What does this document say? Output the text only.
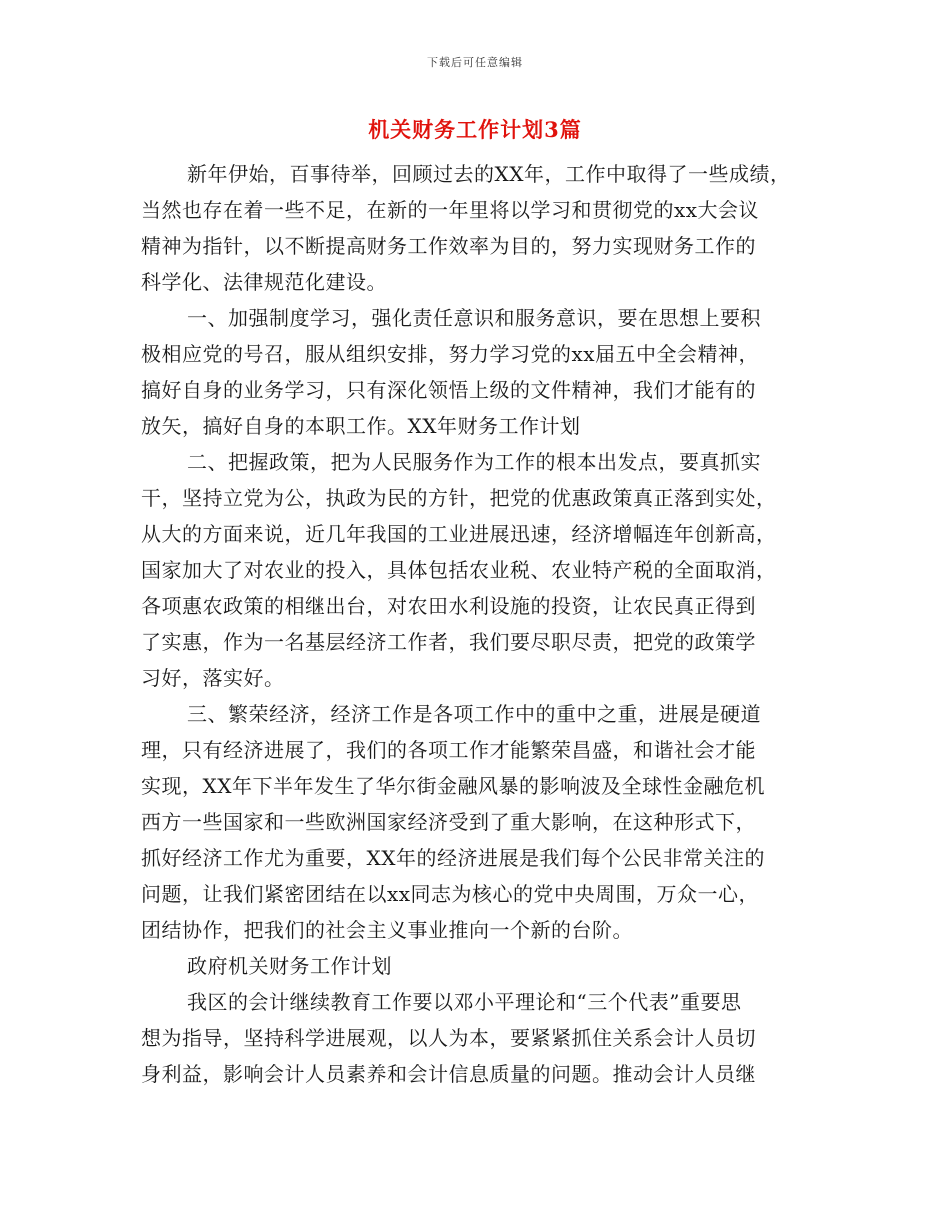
下载后可任意编辑
机关财务工作计划3篇
新年伊始，百事待举，回顾过去的XX年，工作中取得了一些成绩，
当然也存在着一些不足，在新的一年里将以学习和贯彻党的xx大会议
精神为指针，以不断提高财务工作效率为目的，努力实现财务工作的
科学化、法律规范化建设。
一、加强制度学习，强化责任意识和服务意识，要在思想上要积
极相应党的号召，服从组织安排，努力学习党的xx届五中全会精神，
搞好自身的业务学习，只有深化领悟上级的文件精神，我们才能有的
放矢，搞好自身的本职工作。XX年财务工作计划
二、把握政策，把为人民服务作为工作的根本出发点，要真抓实
干，坚持立党为公，执政为民的方针，把党的优惠政策真正落到实处，
从大的方面来说，近几年我国的工业进展迅速，经济增幅连年创新高，
国家加大了对农业的投入，具体包括农业税、农业特产税的全面取消，
各项惠农政策的相继出台，对农田水利设施的投资，让农民真正得到
了实惠，作为一名基层经济工作者，我们要尽职尽责，把党的政策学
习好，落实好。
三、繁荣经济，经济工作是各项工作中的重中之重，进展是硬道
理，只有经济进展了，我们的各项工作才能繁荣昌盛，和谐社会才能
实现，XX年下半年发生了华尔街金融风暴的影响波及全球性金融危机
西方一些国家和一些欧洲国家经济受到了重大影响，在这种形式下，
抓好经济工作尤为重要，XX年的经济进展是我们每个公民非常关注的
问题，让我们紧密团结在以xx同志为核心的党中央周围，万众一心，
团结协作，把我们的社会主义事业推向一个新的台阶。
政府机关财务工作计划
我区的会计继续教育工作要以邓小平理论和“三个代表”重要思
想为指导，坚持科学进展观，以人为本，要紧紧抓住关系会计人员切
身利益，影响会计人员素养和会计信息质量的问题。推动会计人员继
